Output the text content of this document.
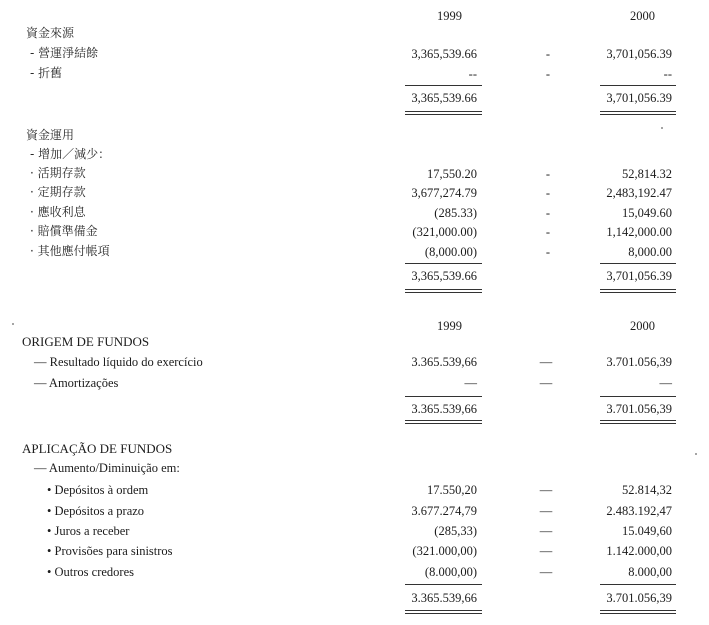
1999	2000
資金來源
- 營運淨結餘	3,365,539.66	-	3,701,056.39
- 折舊	--	-	--
3,365,539.66	3,701,056.39
資金運用
- 增加／減少：
· 活期存款	17,550.20	-	52,814.32
· 定期存款	3,677,274.79	-	2,483,192.47
· 應收利息	(285.33)	-	15,049.60
· 賠償準備金	(321,000.00)	-	1,142,000.00
· 其他應付帳項	(8,000.00)	-	8,000.00
3,365,539.66	3,701,056.39
1999	2000
ORIGEM DE FUNDOS
— Resultado líquido do exercício	3.365.539,66	—	3.701.056,39
— Amortizações	—	—	—
3.365.539,66	3.701.056,39
APLICAÇÃO DE FUNDOS
— Aumento/Diminuição em:
• Depósitos à ordem	17.550,20	—	52.814,32
• Depósitos a prazo	3.677.274,79	—	2.483.192,47
• Juros a receber	(285,33)	—	15.049,60
• Provisões para sinistros	(321.000,00)	—	1.142.000,00
• Outros credores	(8.000,00)	—	8.000,00
3.365.539,66	3.701.056,39
